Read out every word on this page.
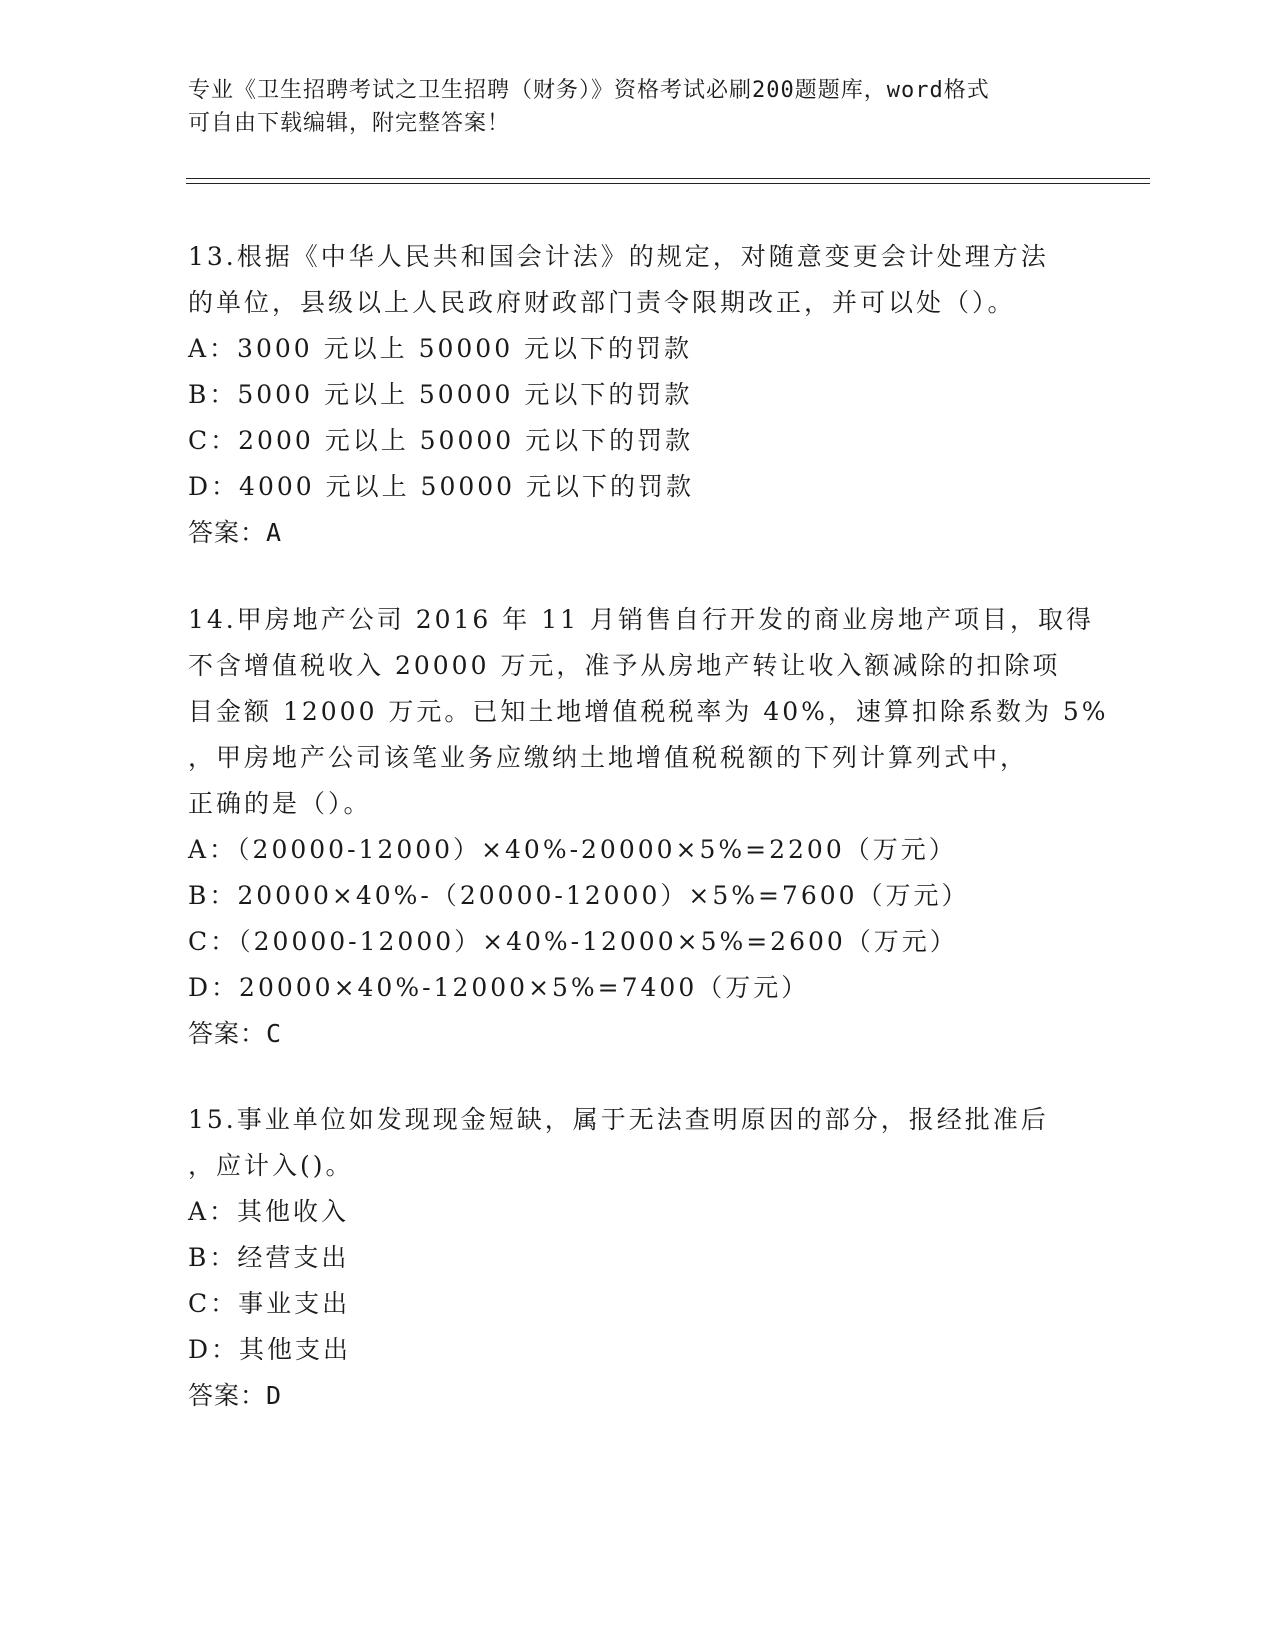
专业《卫生招聘考试之卫生招聘（财务）》资格考试必刷200题题库，word格式
可自由下载编辑，附完整答案！
13.根据《中华人民共和国会计法》的规定，对随意变更会计处理方法
的单位，县级以上人民政府财政部门责令限期改正，并可以处（）。
A：3000 元以上 50000 元以下的罚款
B：5000 元以上 50000 元以下的罚款
C：2000 元以上 50000 元以下的罚款
D：4000 元以上 50000 元以下的罚款
答案：A
14.甲房地产公司 2016 年 11 月销售自行开发的商业房地产项目，取得
不含增值税收入 20000 万元，准予从房地产转让收入额减除的扣除项
目金额 12000 万元。已知土地增值税税率为 40%，速算扣除系数为 5%
，甲房地产公司该笔业务应缴纳土地增值税税额的下列计算列式中，
正确的是（）。
A：（20000-12000）×40%-20000×5%=2200（万元）
B：20000×40%-（20000-12000）×5%=7600（万元）
C：（20000-12000）×40%-12000×5%=2600（万元）
D：20000×40%-12000×5%=7400（万元）
答案：C
15.事业单位如发现现金短缺，属于无法查明原因的部分，报经批准后
，应计入()。
A：其他收入
B：经营支出
C：事业支出
D：其他支出
答案：D
